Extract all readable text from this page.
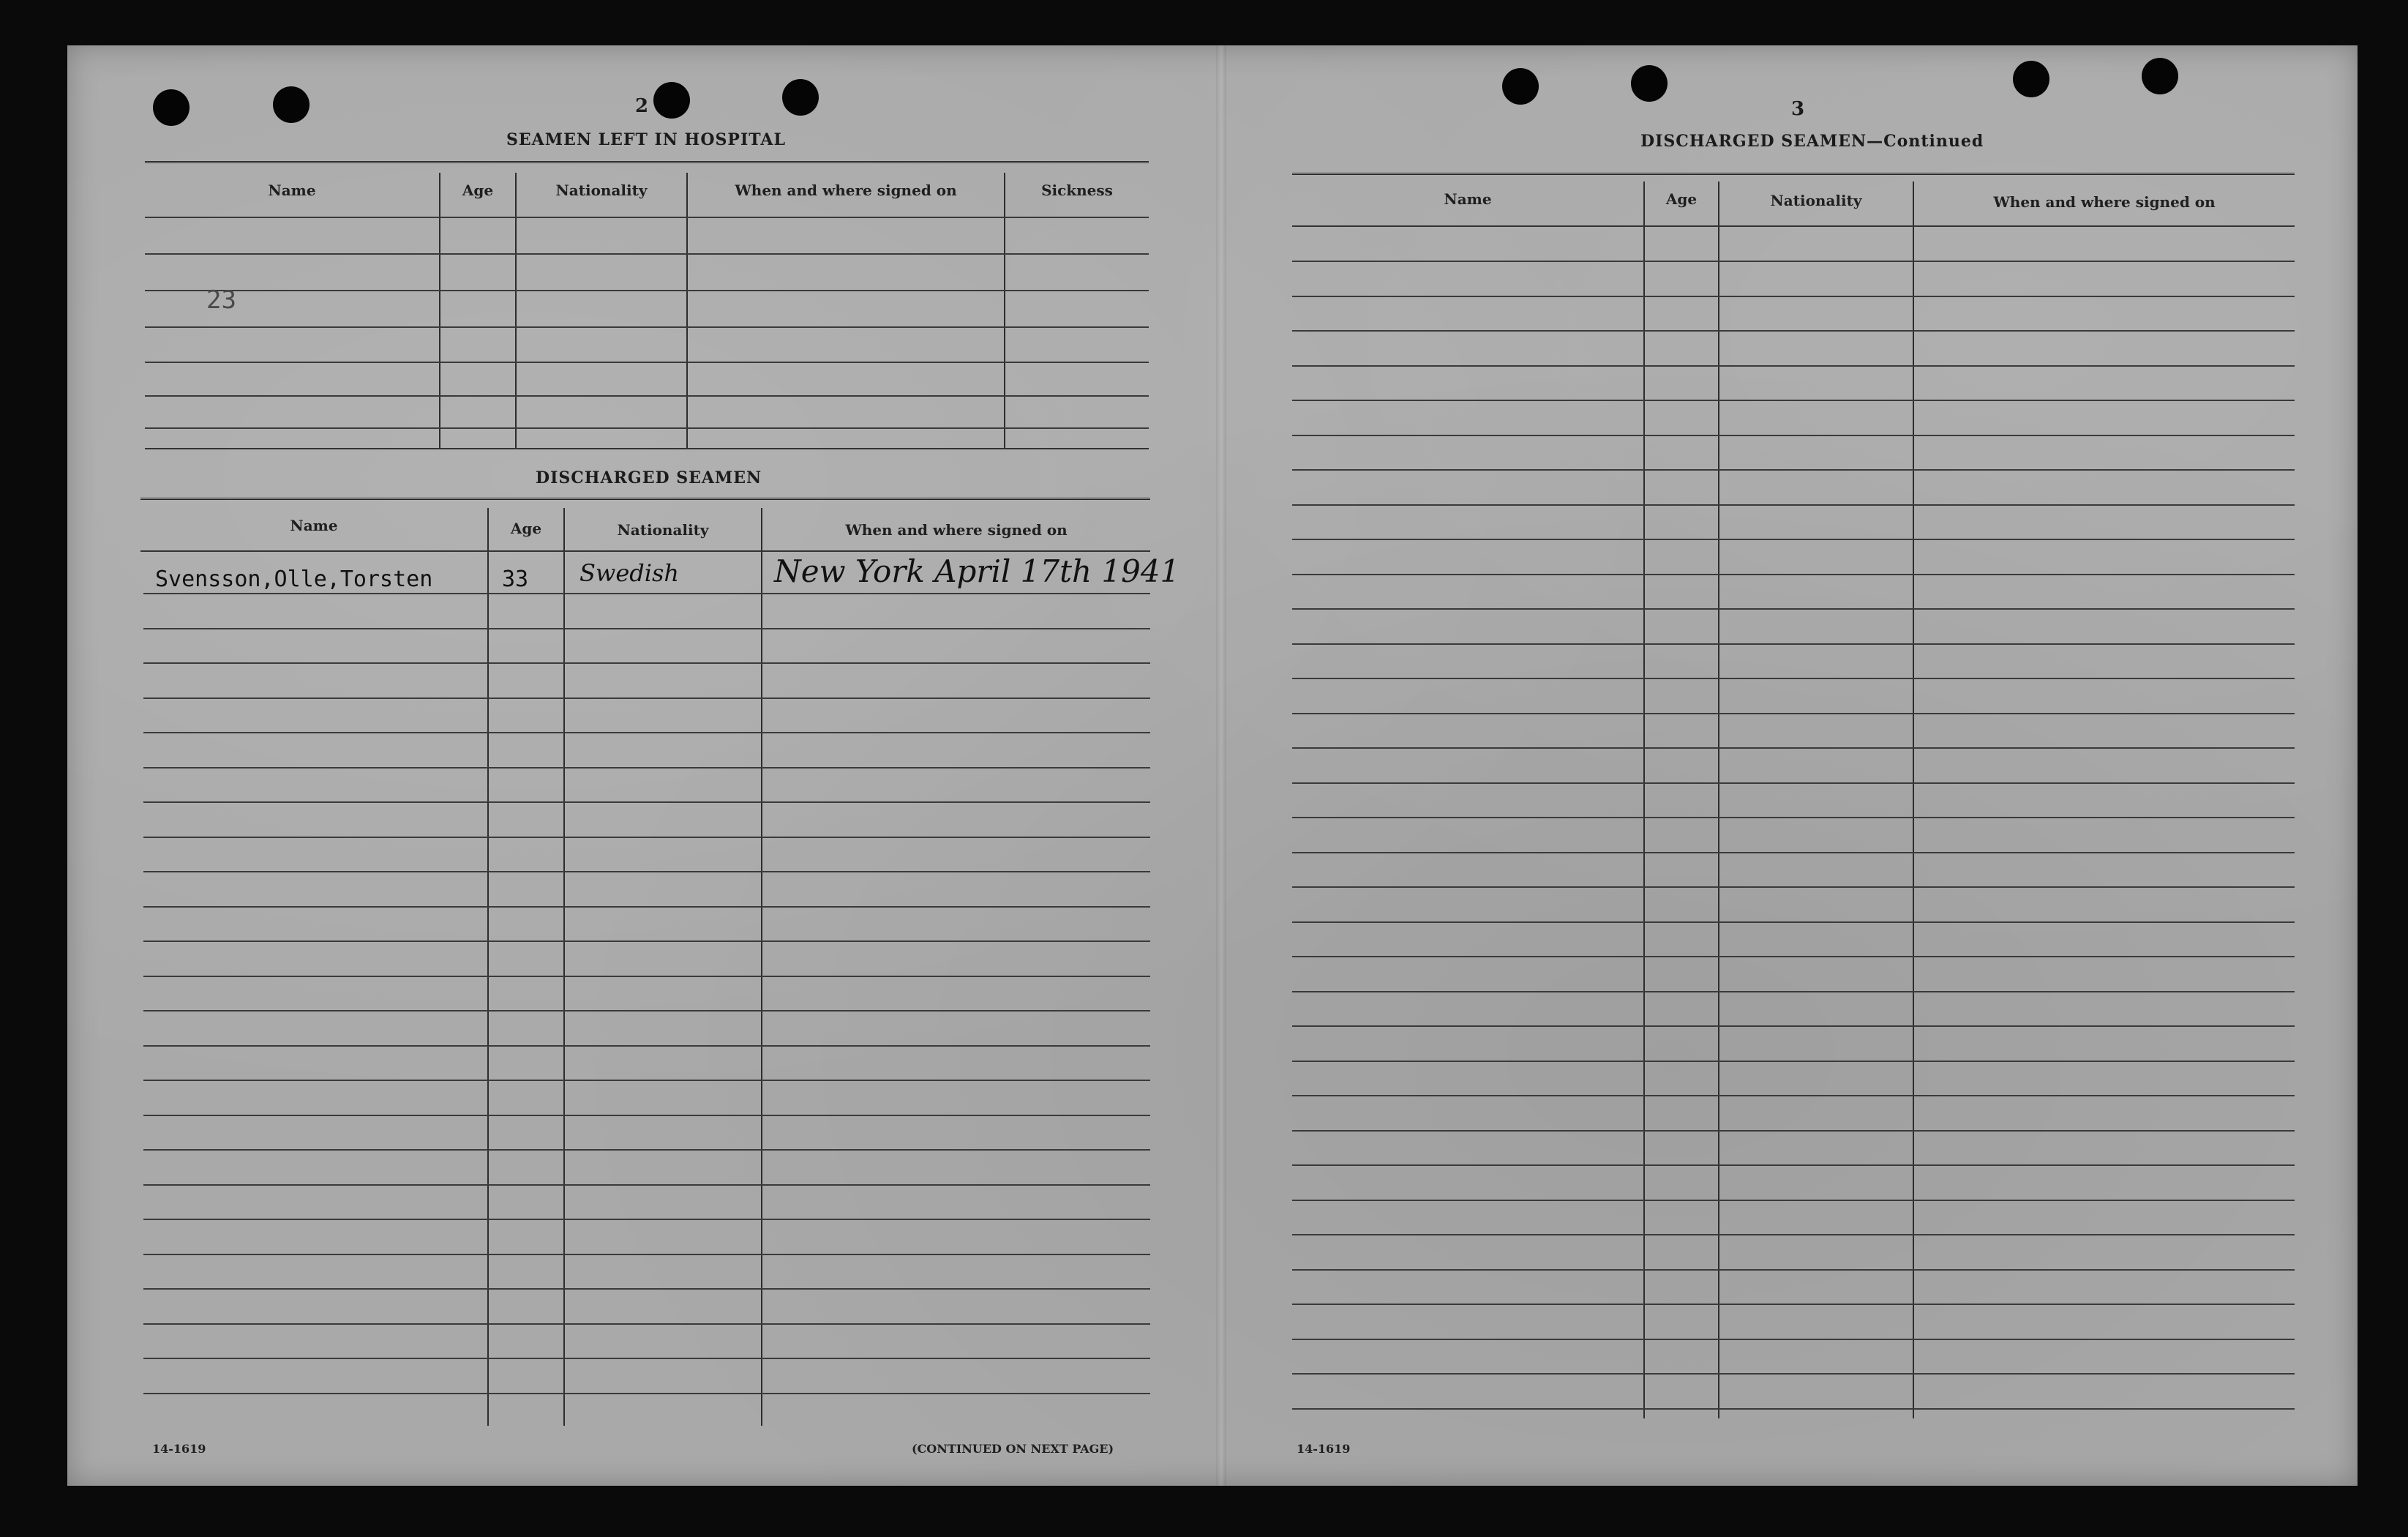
2
SEAMEN LEFT IN HOSPITAL
Name	Age	Nationality	When and where signed on	Sickness
23
DISCHARGED SEAMEN
Name	Age	Nationality	When and where signed on
Svensson,Olle,Torsten	33 Swedish	New York April 17th 1941
14-1619	(CONTINUED ON NEXT PAGE)
3
DISCHARGED SEAMEN—Continued
Name	Age	Nationality	When and where signed on
14-1619
